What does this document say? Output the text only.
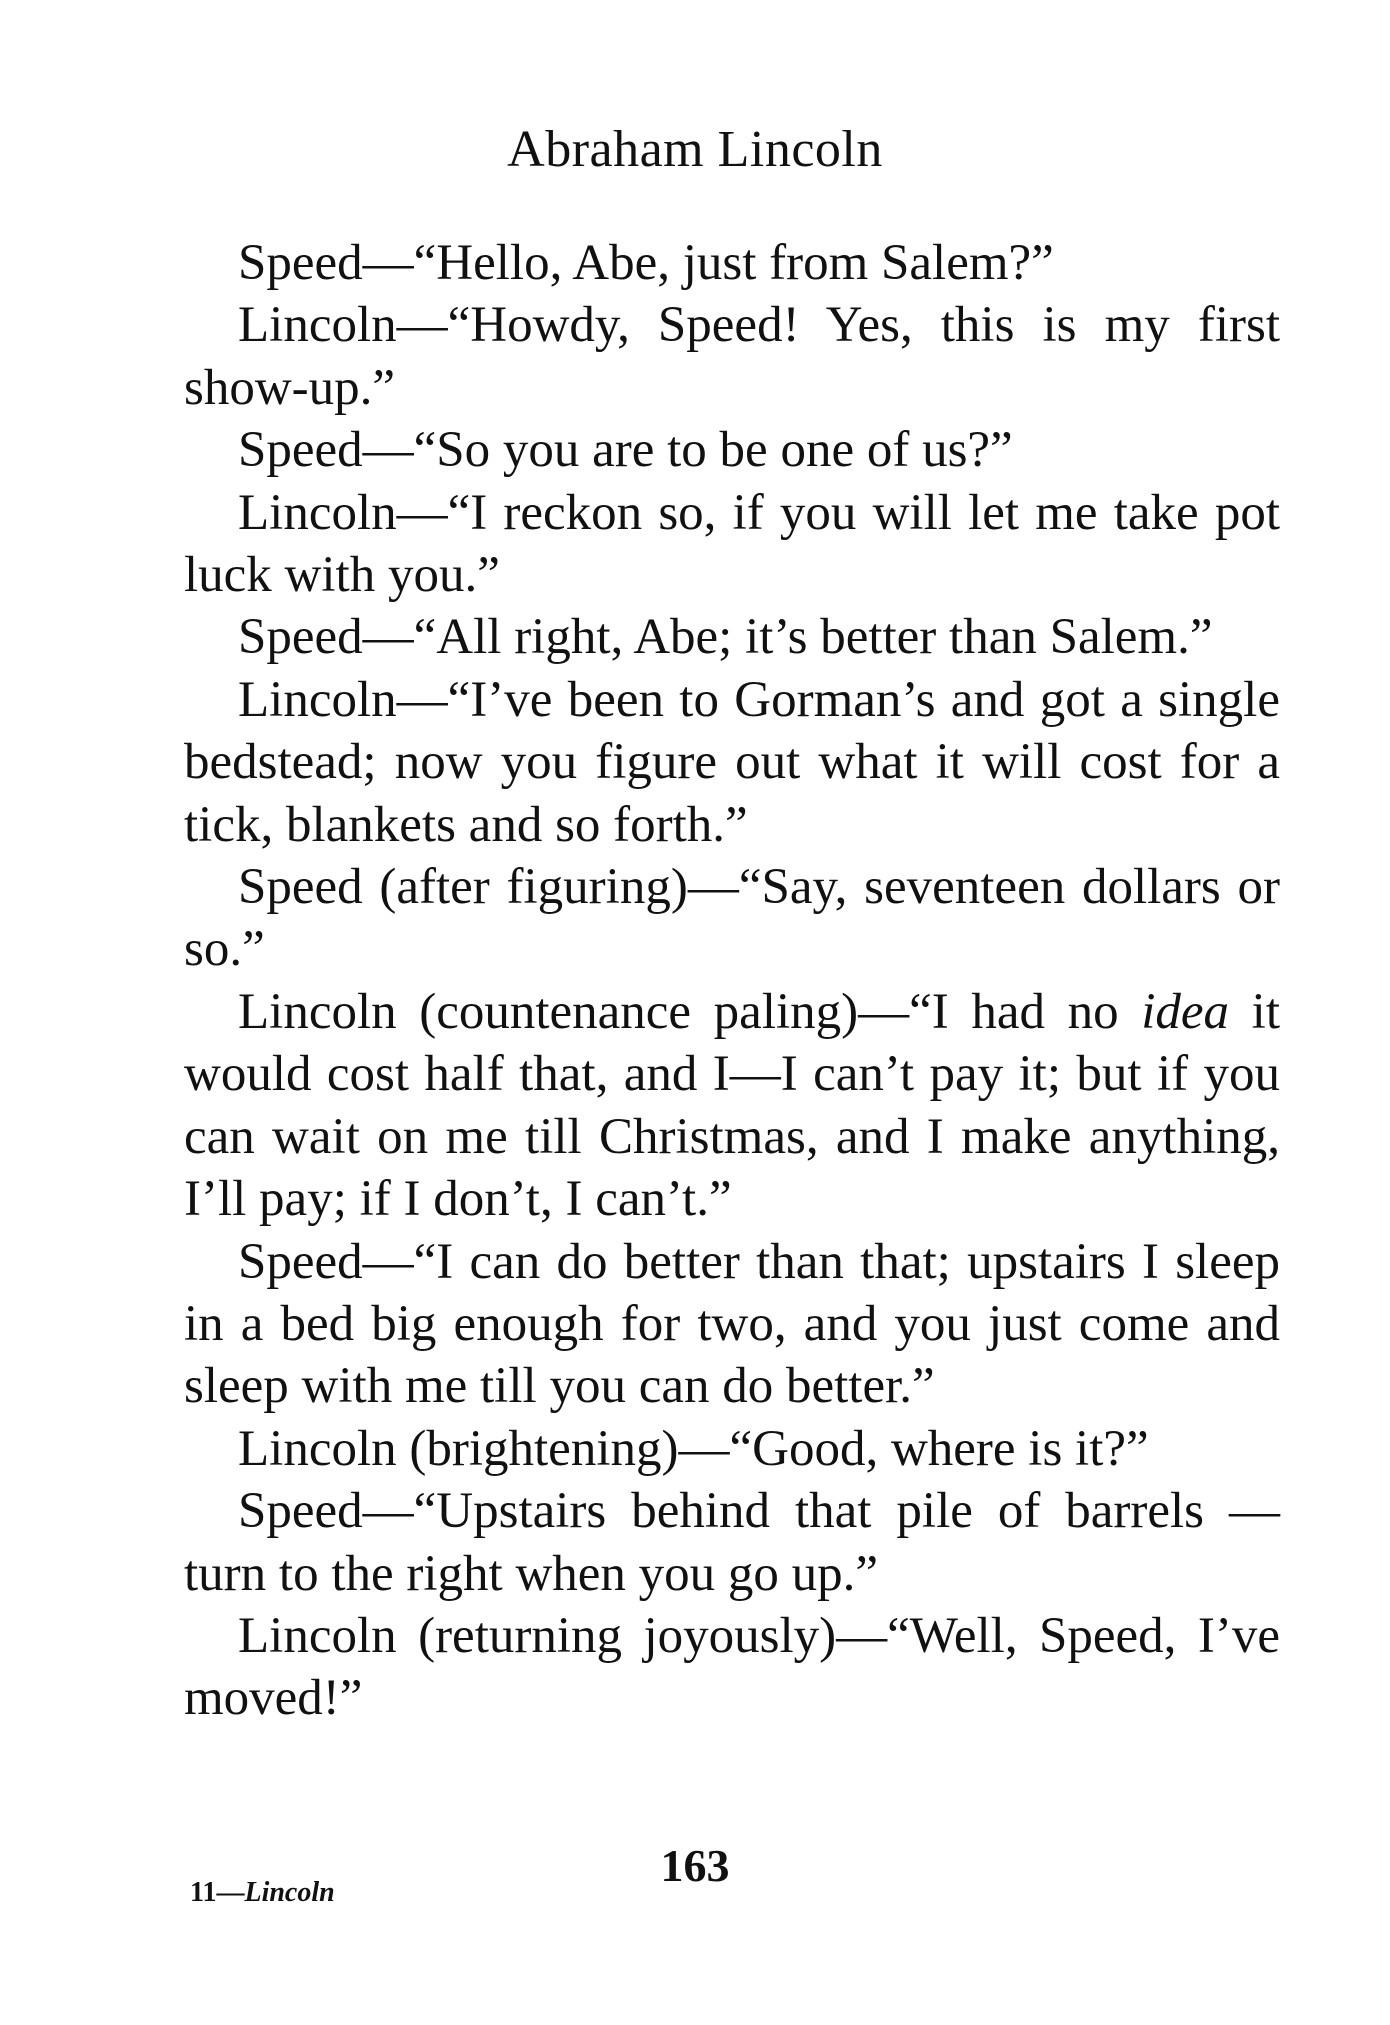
Abraham Lincoln

Speed—“Hello, Abe, just from Salem?”

Lincoln—“Howdy, Speed! Yes, this is my first show-up.”

Speed—“So you are to be one of us?”

Lincoln—“I reckon so, if you will let me take pot luck with you.”

Speed—“All right, Abe; it’s better than Salem.”

Lincoln—“I’ve been to Gorman’s and got a single bedstead; now you figure out what it will cost for a tick, blankets and so forth.”

Speed (after figuring)—“Say, seventeen dollars or so.”

Lincoln (countenance paling)—“I had no idea it would cost half that, and I—I can’t pay it; but if you can wait on me till Christmas, and I make anything, I’ll pay; if I don’t, I can’t.”

Speed—“I can do better than that; upstairs I sleep in a bed big enough for two, and you just come and sleep with me till you can do better.”

Lincoln (brightening)—“Good, where is it?”

Speed—“Upstairs behind that pile of barrels —turn to the right when you go up.”

Lincoln (returning joyously)—“Well, Speed, I’ve moved!”

163
11—Lincoln
